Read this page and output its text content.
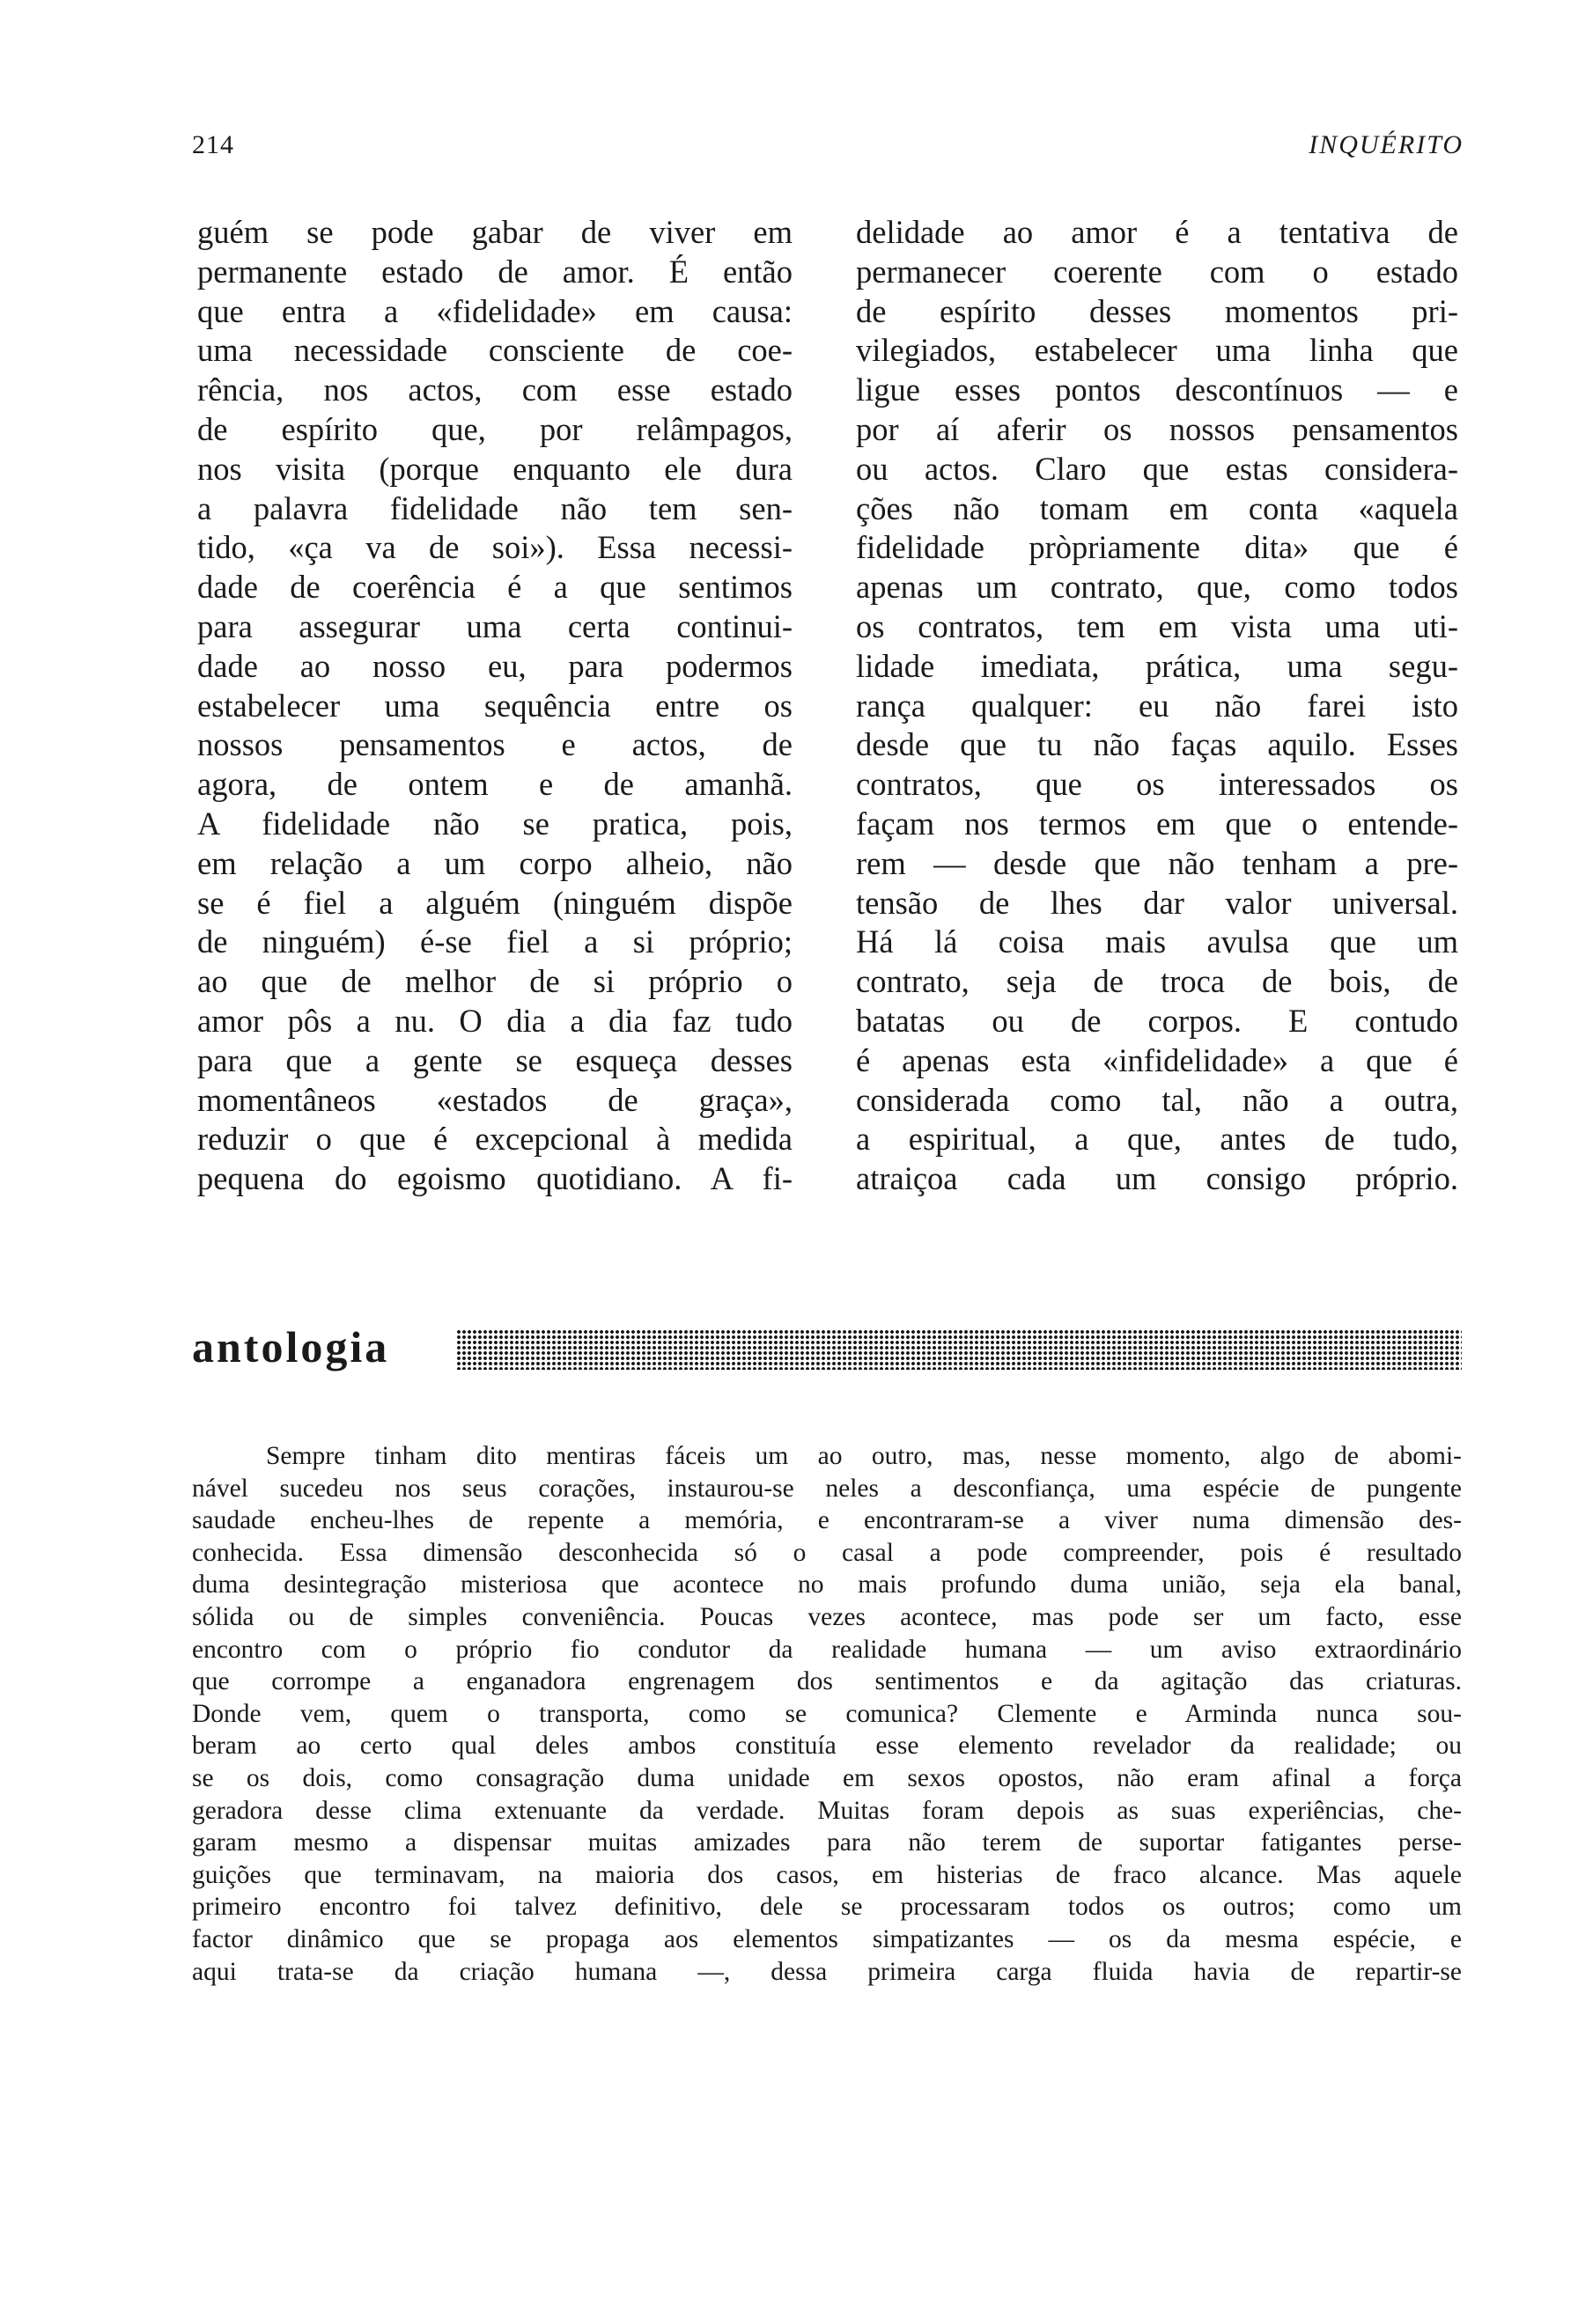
214	INQUÉRITO
guém se pode gabar de viver em
permanente estado de amor. É então
que entra a «fidelidade» em causa:
uma necessidade consciente de coe-
rência, nos actos, com esse estado
de espírito que, por relâmpagos,
nos visita (porque enquanto ele dura
a palavra fidelidade não tem sen-
tido, «ça va de soi»). Essa necessi-
dade de coerência é a que sentimos
para assegurar uma certa continui-
dade ao nosso eu, para podermos
estabelecer uma sequência entre os
nossos pensamentos e actos, de
agora, de ontem e de amanhã.
A fidelidade não se pratica, pois,
em relação a um corpo alheio, não
se é fiel a alguém (ninguém dispõe
de ninguém) é-se fiel a si próprio;
ao que de melhor de si próprio o
amor pôs a nu. O dia a dia faz tudo
para que a gente se esqueça desses
momentâneos «estados de graça»,
reduzir o que é excepcional à medida
pequena do egoismo quotidiano. A fi-
delidade ao amor é a tentativa de
permanecer coerente com o estado
de espírito desses momentos pri-
vilegiados, estabelecer uma linha que
ligue esses pontos descontínuos — e
por aí aferir os nossos pensamentos
ou actos. Claro que estas considera-
ções não tomam em conta «aquela
fidelidade pròpriamente dita» que é
apenas um contrato, que, como todos
os contratos, tem em vista uma uti-
lidade imediata, prática, uma segu-
rança qualquer: eu não farei isto
desde que tu não faças aquilo. Esses
contratos, que os interessados os
façam nos termos em que o entende-
rem — desde que não tenham a pre-
tensão de lhes dar valor universal.
Há lá coisa mais avulsa que um
contrato, seja de troca de bois, de
batatas ou de corpos. E contudo
é apenas esta «infidelidade» a que é
considerada como tal, não a outra,
a espiritual, a que, antes de tudo,
atraiçoa cada um consigo próprio.
antologia
Sempre tinham dito mentiras fáceis um ao outro, mas, nesse momento, algo de abomi-
nável sucedeu nos seus corações, instaurou-se neles a desconfiança, uma espécie de pungente
saudade encheu-lhes de repente a memória, e encontraram-se a viver numa dimensão des-
conhecida. Essa dimensão desconhecida só o casal a pode compreender, pois é resultado
duma desintegração misteriosa que acontece no mais profundo duma união, seja ela banal,
sólida ou de simples conveniência. Poucas vezes acontece, mas pode ser um facto, esse
encontro com o próprio fio condutor da realidade humana — um aviso extraordinário
que corrompe a enganadora engrenagem dos sentimentos e da agitação das criaturas.
Donde vem, quem o transporta, como se comunica? Clemente e Arminda nunca sou-
beram ao certo qual deles ambos constituía esse elemento revelador da realidade; ou
se os dois, como consagração duma unidade em sexos opostos, não eram afinal a força
geradora desse clima extenuante da verdade. Muitas foram depois as suas experiências, che-
garam mesmo a dispensar muitas amizades para não terem de suportar fatigantes perse-
guições que terminavam, na maioria dos casos, em histerias de fraco alcance. Mas aquele
primeiro encontro foi talvez definitivo, dele se processaram todos os outros; como um
factor dinâmico que se propaga aos elementos simpatizantes — os da mesma espécie, e
aqui trata-se da criação humana —, dessa primeira carga fluida havia de repartir-se
